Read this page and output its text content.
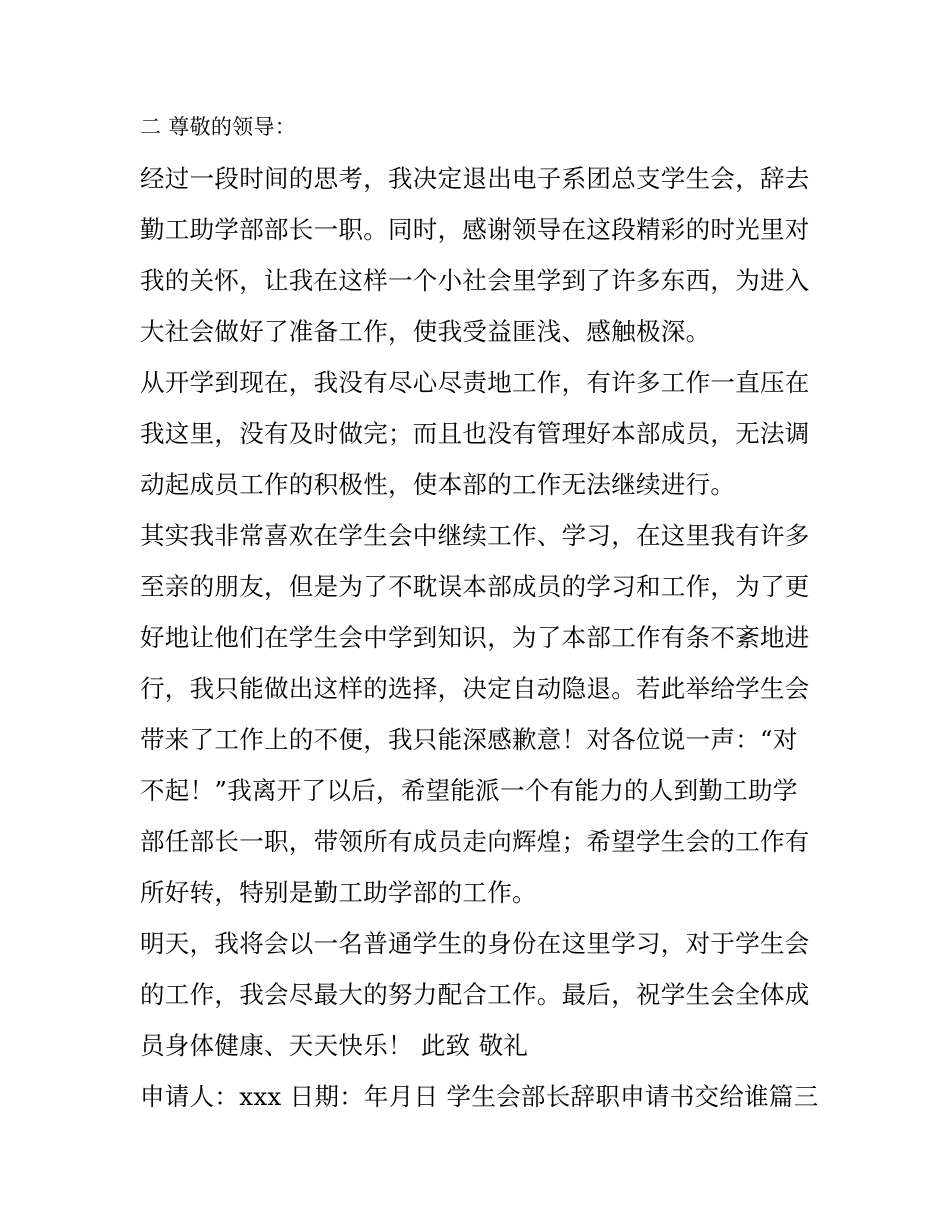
二 尊敬的领导：
经过一段时间的思考，我决定退出电子系团总支学生会，辞去
勤工助学部部长一职。同时，感谢领导在这段精彩的时光里对
我的关怀，让我在这样一个小社会里学到了许多东西，为进入
大社会做好了准备工作，使我受益匪浅、感触极深。
从开学到现在，我没有尽心尽责地工作，有许多工作一直压在
我这里，没有及时做完；而且也没有管理好本部成员，无法调
动起成员工作的积极性，使本部的工作无法继续进行。
其实我非常喜欢在学生会中继续工作、学习，在这里我有许多
至亲的朋友，但是为了不耽误本部成员的学习和工作，为了更
好地让他们在学生会中学到知识，为了本部工作有条不紊地进
行，我只能做出这样的选择，决定自动隐退。若此举给学生会
带来了工作上的不便，我只能深感歉意！对各位说一声：“对
不起！”我离开了以后，希望能派一个有能力的人到勤工助学
部任部长一职，带领所有成员走向辉煌；希望学生会的工作有
所好转，特别是勤工助学部的工作。
明天，我将会以一名普通学生的身份在这里学习，对于学生会
的工作，我会尽最大的努力配合工作。最后，祝学生会全体成
员身体健康、天天快乐！ 此致 敬礼
申请人：xxx 日期：年月日 学生会部长辞职申请书交给谁篇三
